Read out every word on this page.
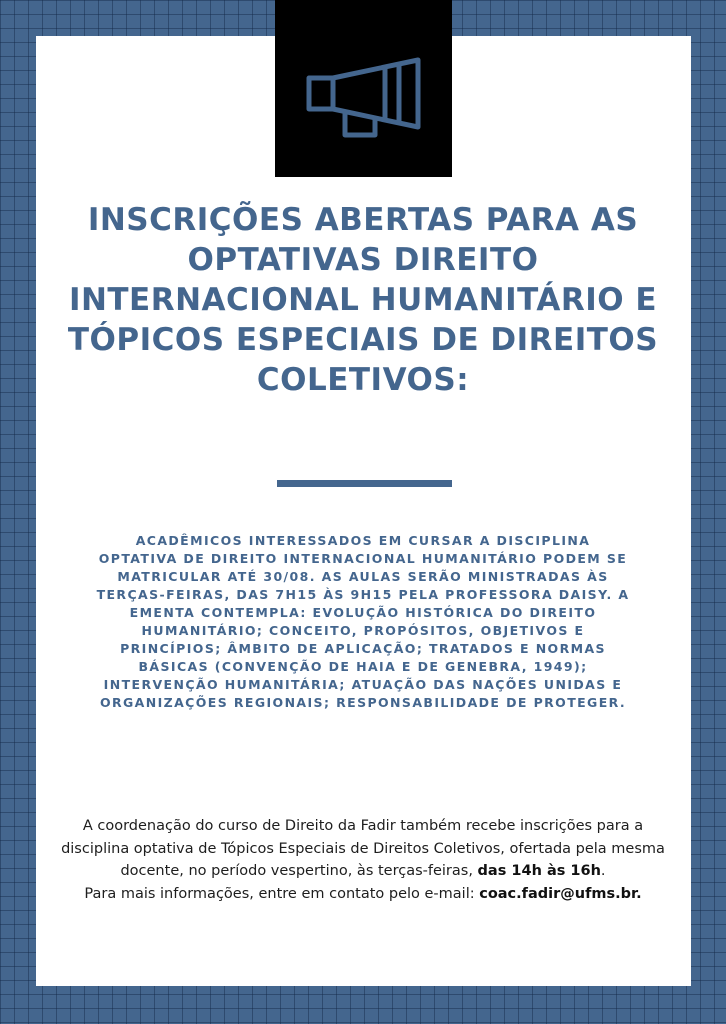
INSCRIÇÕES ABERTAS PARA AS OPTATIVAS DIREITO INTERNACIONAL HUMANITÁRIO E TÓPICOS ESPECIAIS DE DIREITOS COLETIVOS:

ACADÊMICOS INTERESSADOS EM CURSAR A DISCIPLINA OPTATIVA DE DIREITO INTERNACIONAL HUMANITÁRIO PODEM SE MATRICULAR ATÉ 30/08. AS AULAS SERÃO MINISTRADAS ÀS TERÇAS-FEIRAS, DAS 7H15 ÀS 9H15 PELA PROFESSORA DAISY. A EMENTA CONTEMPLA: EVOLUÇÃO HISTÓRICA DO DIREITO HUMANITÁRIO; CONCEITO, PROPÓSITOS, OBJETIVOS E PRINCÍPIOS; ÂMBITO DE APLICAÇÃO; TRATADOS E NORMAS BÁSICAS (CONVENÇÃO DE HAIA E DE GENEBRA, 1949); INTERVENÇÃO HUMANITÁRIA; ATUAÇÃO DAS NAÇÕES UNIDAS E ORGANIZAÇÕES REGIONAIS; RESPONSABILIDADE DE PROTEGER.

A coordenação do curso de Direito da Fadir também recebe inscrições para a disciplina optativa de Tópicos Especiais de Direitos Coletivos, ofertada pela mesma docente, no período vespertino, às terças-feiras, das 14h às 16h.
Para mais informações, entre em contato pelo e-mail: coac.fadir@ufms.br.
